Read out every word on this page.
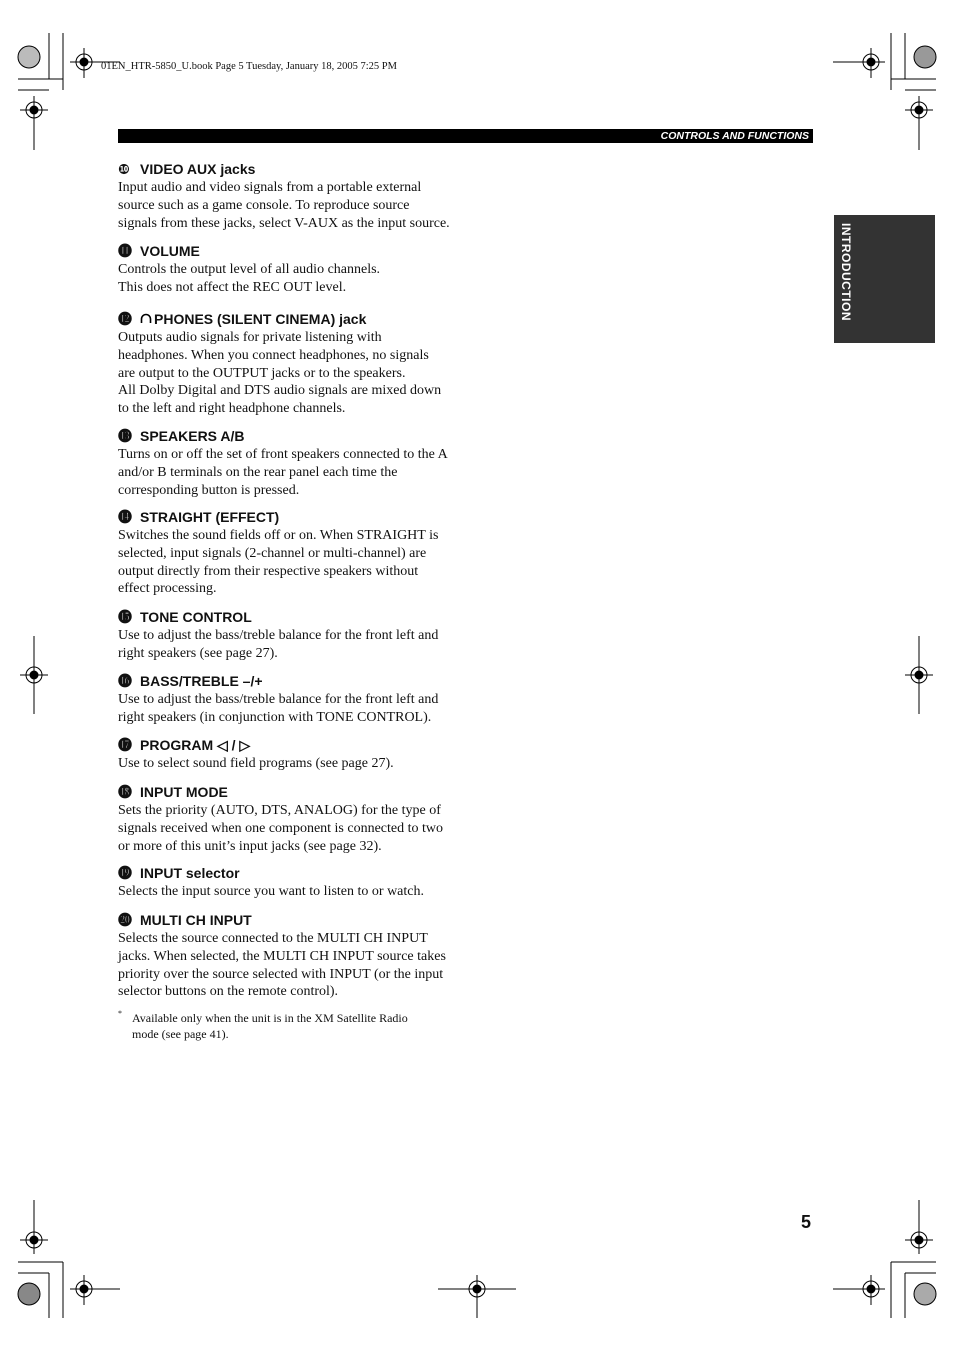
01EN_HTR-5850_U.book Page 5 Tuesday, January 18, 2005 7:25 PM
CONTROLS AND FUNCTIONS
INTRODUCTION
❿ VIDEO AUX jacks
Input audio and video signals from a portable external
source such as a game console. To reproduce source
signals from these jacks, select V-AUX as the input source.
⓫ VOLUME
Controls the output level of all audio channels.
This does not affect the REC OUT level.
⓬ PHONES (SILENT CINEMA) jack
Outputs audio signals for private listening with
headphones. When you connect headphones, no signals
are output to the OUTPUT jacks or to the speakers.
All Dolby Digital and DTS audio signals are mixed down
to the left and right headphone channels.
⓭ SPEAKERS A/B
Turns on or off the set of front speakers connected to the A
and/or B terminals on the rear panel each time the
corresponding button is pressed.
⓮ STRAIGHT (EFFECT)
Switches the sound fields off or on. When STRAIGHT is
selected, input signals (2-channel or multi-channel) are
output directly from their respective speakers without
effect processing.
⓯ TONE CONTROL
Use to adjust the bass/treble balance for the front left and
right speakers (see page 27).
⓰ BASS/TREBLE –/+
Use to adjust the bass/treble balance for the front left and
right speakers (in conjunction with TONE CONTROL).
⓱ PROGRAM ◁ / ▷
Use to select sound field programs (see page 27).
⓲ INPUT MODE
Sets the priority (AUTO, DTS, ANALOG) for the type of
signals received when one component is connected to two
or more of this unit’s input jacks (see page 32).
⓳ INPUT selector
Selects the input source you want to listen to or watch.
⓴ MULTI CH INPUT
Selects the source connected to the MULTI CH INPUT
jacks. When selected, the MULTI CH INPUT source takes
priority over the source selected with INPUT (or the input
selector buttons on the remote control).
* Available only when the unit is in the XM Satellite Radio
mode (see page 41).
5
